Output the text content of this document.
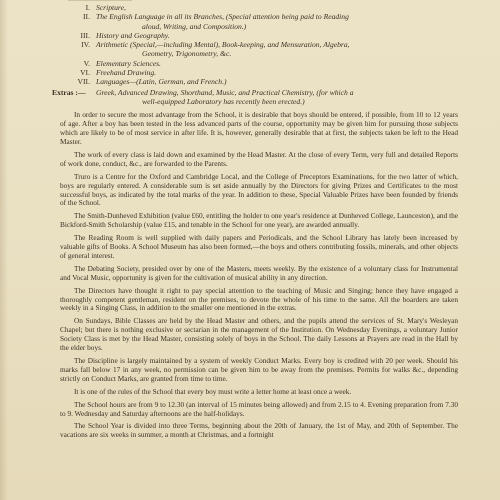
I. Scripture,
II. The English Language in all its Branches, (Special attention being paid to Reading
aloud, Writing, and Composition.)
III. History and Geography.
IV. Arithmetic (Special,—including Mental), Book-keeping, and Mensuration, Algebra,
Geometry, Trigonometry, &c.
V. Elementary Sciences.
VI. Freehand Drawing.
VII. Languages—(Latin, German, and French.)
Extras :— Greek, Advanced Drawing, Shorthand, Music, and Practical Chemistry, (for which a
well-equipped Laboratory has recently been erected.)

In order to secure the most advantage from the School, it is desirable that boys should be entered, if possible, from 10 to 12 years of age. After a boy has been tested in the less advanced parts of the course, opportunity may be given him for pursuing those subjects which are likely to be of most service in after life. It is, however, generally desirable that at first, the subjects taken be left to the Head Master.

The work of every class is laid down and examined by the Head Master. At the close of every Term, very full and detailed Reports of work done, conduct, &c., are forwarded to the Parents.

Truro is a Centre for the Oxford and Cambridge Local, and the College of Preceptors Examinations, for the two latter of which, boys are regularly entered. A considerable sum is set aside annually by the Directors for giving Prizes and Certificates to the most successful boys, as indicated by the total marks of the year. In addition to these, Special Valuable Prizes have been founded by friends of the School.

The Smith-Dunheved Exhibition (value £60, entitling the holder to one year's residence at Dunheved College, Launceston), and the Bickford-Smith Scholarship (value £15, and tenable in the School for one year), are awarded annually.

The Reading Room is well supplied with daily papers and Periodicals, and the School Library has lately been increased by valuable gifts of Books. A School Museum has also been formed,—the boys and others contributing fossils, minerals, and other objects of general interest.

The Debating Society, presided over by one of the Masters, meets weekly. By the existence of a voluntary class for Instrumental and Vocal Music, opportunity is given for the cultivation of musical ability in any direction.

The Directors have thought it right to pay special attention to the teaching of Music and Singing; hence they have engaged a thoroughly competent gentleman, resident on the premises, to devote the whole of his time to the same. All the boarders are taken weekly in a Singing Class, in addition to the smaller one mentioned in the extras.

On Sundays, Bible Classes are held by the Head Master and others, and the pupils attend the services of St. Mary's Wesleyan Chapel; but there is nothing exclusive or sectarian in the management of the Institution. On Wednesday Evenings, a voluntary Junior Society Class is met by the Head Master, consisting solely of boys in the School. The daily Lessons at Prayers are read in the Hall by the elder boys.

The Discipline is largely maintained by a system of weekly Conduct Marks. Every boy is credited with 20 per week. Should his marks fall below 17 in any week, no permission can be given him to be away from the premises. Permits for walks &c., depending strictly on Conduct Marks, are granted from time to time.

It is one of the rules of the School that every boy must write a letter home at least once a week.

The School hours are from 9 to 12.30 (an interval of 15 minutes being allowed) and from 2.15 to 4. Evening preparation from 7.30 to 9. Wednesday and Saturday afternoons are the half-holidays.

The School Year is divided into three Terms, beginning about the 20th of January, the 1st of May, and 20th of September. The vacations are six weeks in summer, a month at Christmas, and a fortnight
